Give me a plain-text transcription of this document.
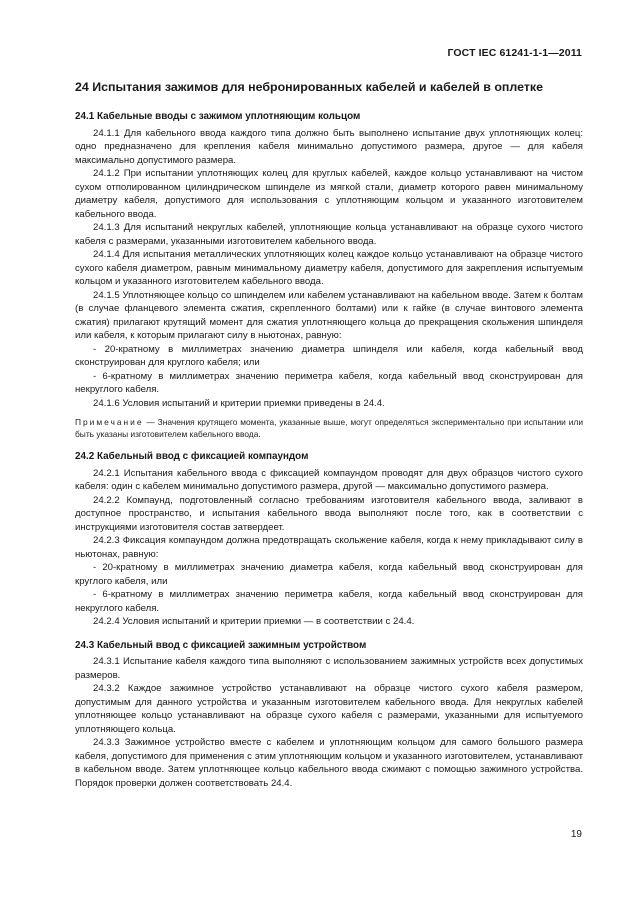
ГОСТ IEC 61241-1-1—2011
24 Испытания зажимов для небронированных кабелей и кабелей в оплетке
24.1 Кабельные вводы с зажимом уплотняющим кольцом

24.1.1 Для кабельного ввода каждого типа должно быть выполнено испытание двух уплотняющих колец: одно предназначено для крепления кабеля минимально допустимого размера, другое — для кабеля максимально допустимого размера.

24.1.2 При испытании уплотняющих колец для круглых кабелей, каждое кольцо устанавливают на чистом сухом отполированном цилиндрическом шпинделе из мягкой стали, диаметр которого равен минимальному диаметру кабеля, допустимого для использования с уплотняющим кольцом и указанного изготовителем кабельного ввода.

24.1.3 Для испытаний некруглых кабелей, уплотняющие кольца устанавливают на образце сухого чистого кабеля с размерами, указанными изготовителем кабельного ввода.

24.1.4 Для испытания металлических уплотняющих колец каждое кольцо устанавливают на образце чистого сухого кабеля диаметром, равным минимальному диаметру кабеля, допустимого для закрепления испытуемым кольцом и указанного изготовителем кабельного ввода.

24.1.5 Уплотняющее кольцо со шпинделем или кабелем устанавливают на кабельном вводе. Затем к болтам (в случае фланцевого элемента сжатия, скрепленного болтами) или к гайке (в случае винтового элемента сжатия) прилагают крутящий момент для сжатия уплотняющего кольца до прекращения скольжения шпинделя или кабеля, к которым прилагают силу в ньютонах, равную:

- 20-кратному в миллиметрах значению диаметра шпинделя или кабеля, когда кабельный ввод сконструирован для круглого кабеля; или

- 6-кратному в миллиметрах значению периметра кабеля, когда кабельный ввод сконструирован для некруглого кабеля.

24.1.6 Условия испытаний и критерии приемки приведены в 24.4.

Примечание — Значения крутящего момента, указанные выше, могут определяться экспериментально при испытании или быть указаны изготовителем кабельного ввода.

24.2 Кабельный ввод с фиксацией компаундом

24.2.1 Испытания кабельного ввода с фиксацией компаундом проводят для двух образцов чистого сухого кабеля: один с кабелем минимально допустимого размера, другой — максимально допустимого размера.

24.2.2 Компаунд, подготовленный согласно требованиям изготовителя кабельного ввода, заливают в доступное пространство, и испытания кабельного ввода выполняют после того, как в соответствии с инструкциями изготовителя состав затвердеет.

24.2.3 Фиксация компаундом должна предотвращать скольжение кабеля, когда к нему прикладывают силу в ньютонах, равную:

- 20-кратному в миллиметрах значению диаметра кабеля, когда кабельный ввод сконструирован для круглого кабеля, или

- 6-кратному в миллиметрах значению периметра кабеля, когда кабельный ввод сконструирован для некруглого кабеля.

24.2.4 Условия испытаний и критерии приемки — в соответствии с 24.4.

24.3 Кабельный ввод с фиксацией зажимным устройством

24.3.1 Испытание кабеля каждого типа выполняют с использованием зажимных устройств всех допустимых размеров.

24.3.2 Каждое зажимное устройство устанавливают на образце чистого сухого кабеля размером, допустимым для данного устройства и указанным изготовителем кабельного ввода. Для некруглых кабелей уплотняющее кольцо устанавливают на образце сухого кабеля с размерами, указанными для испытуемого уплотняющего кольца.

24.3.3 Зажимное устройство вместе с кабелем и уплотняющим кольцом для самого большого размера кабеля, допустимого для применения с этим уплотняющим кольцом и указанного изготовителем, устанавливают в кабельном вводе. Затем уплотняющее кольцо кабельного ввода сжимают с помощью зажимного устройства. Порядок проверки должен соответствовать 24.4.

19
